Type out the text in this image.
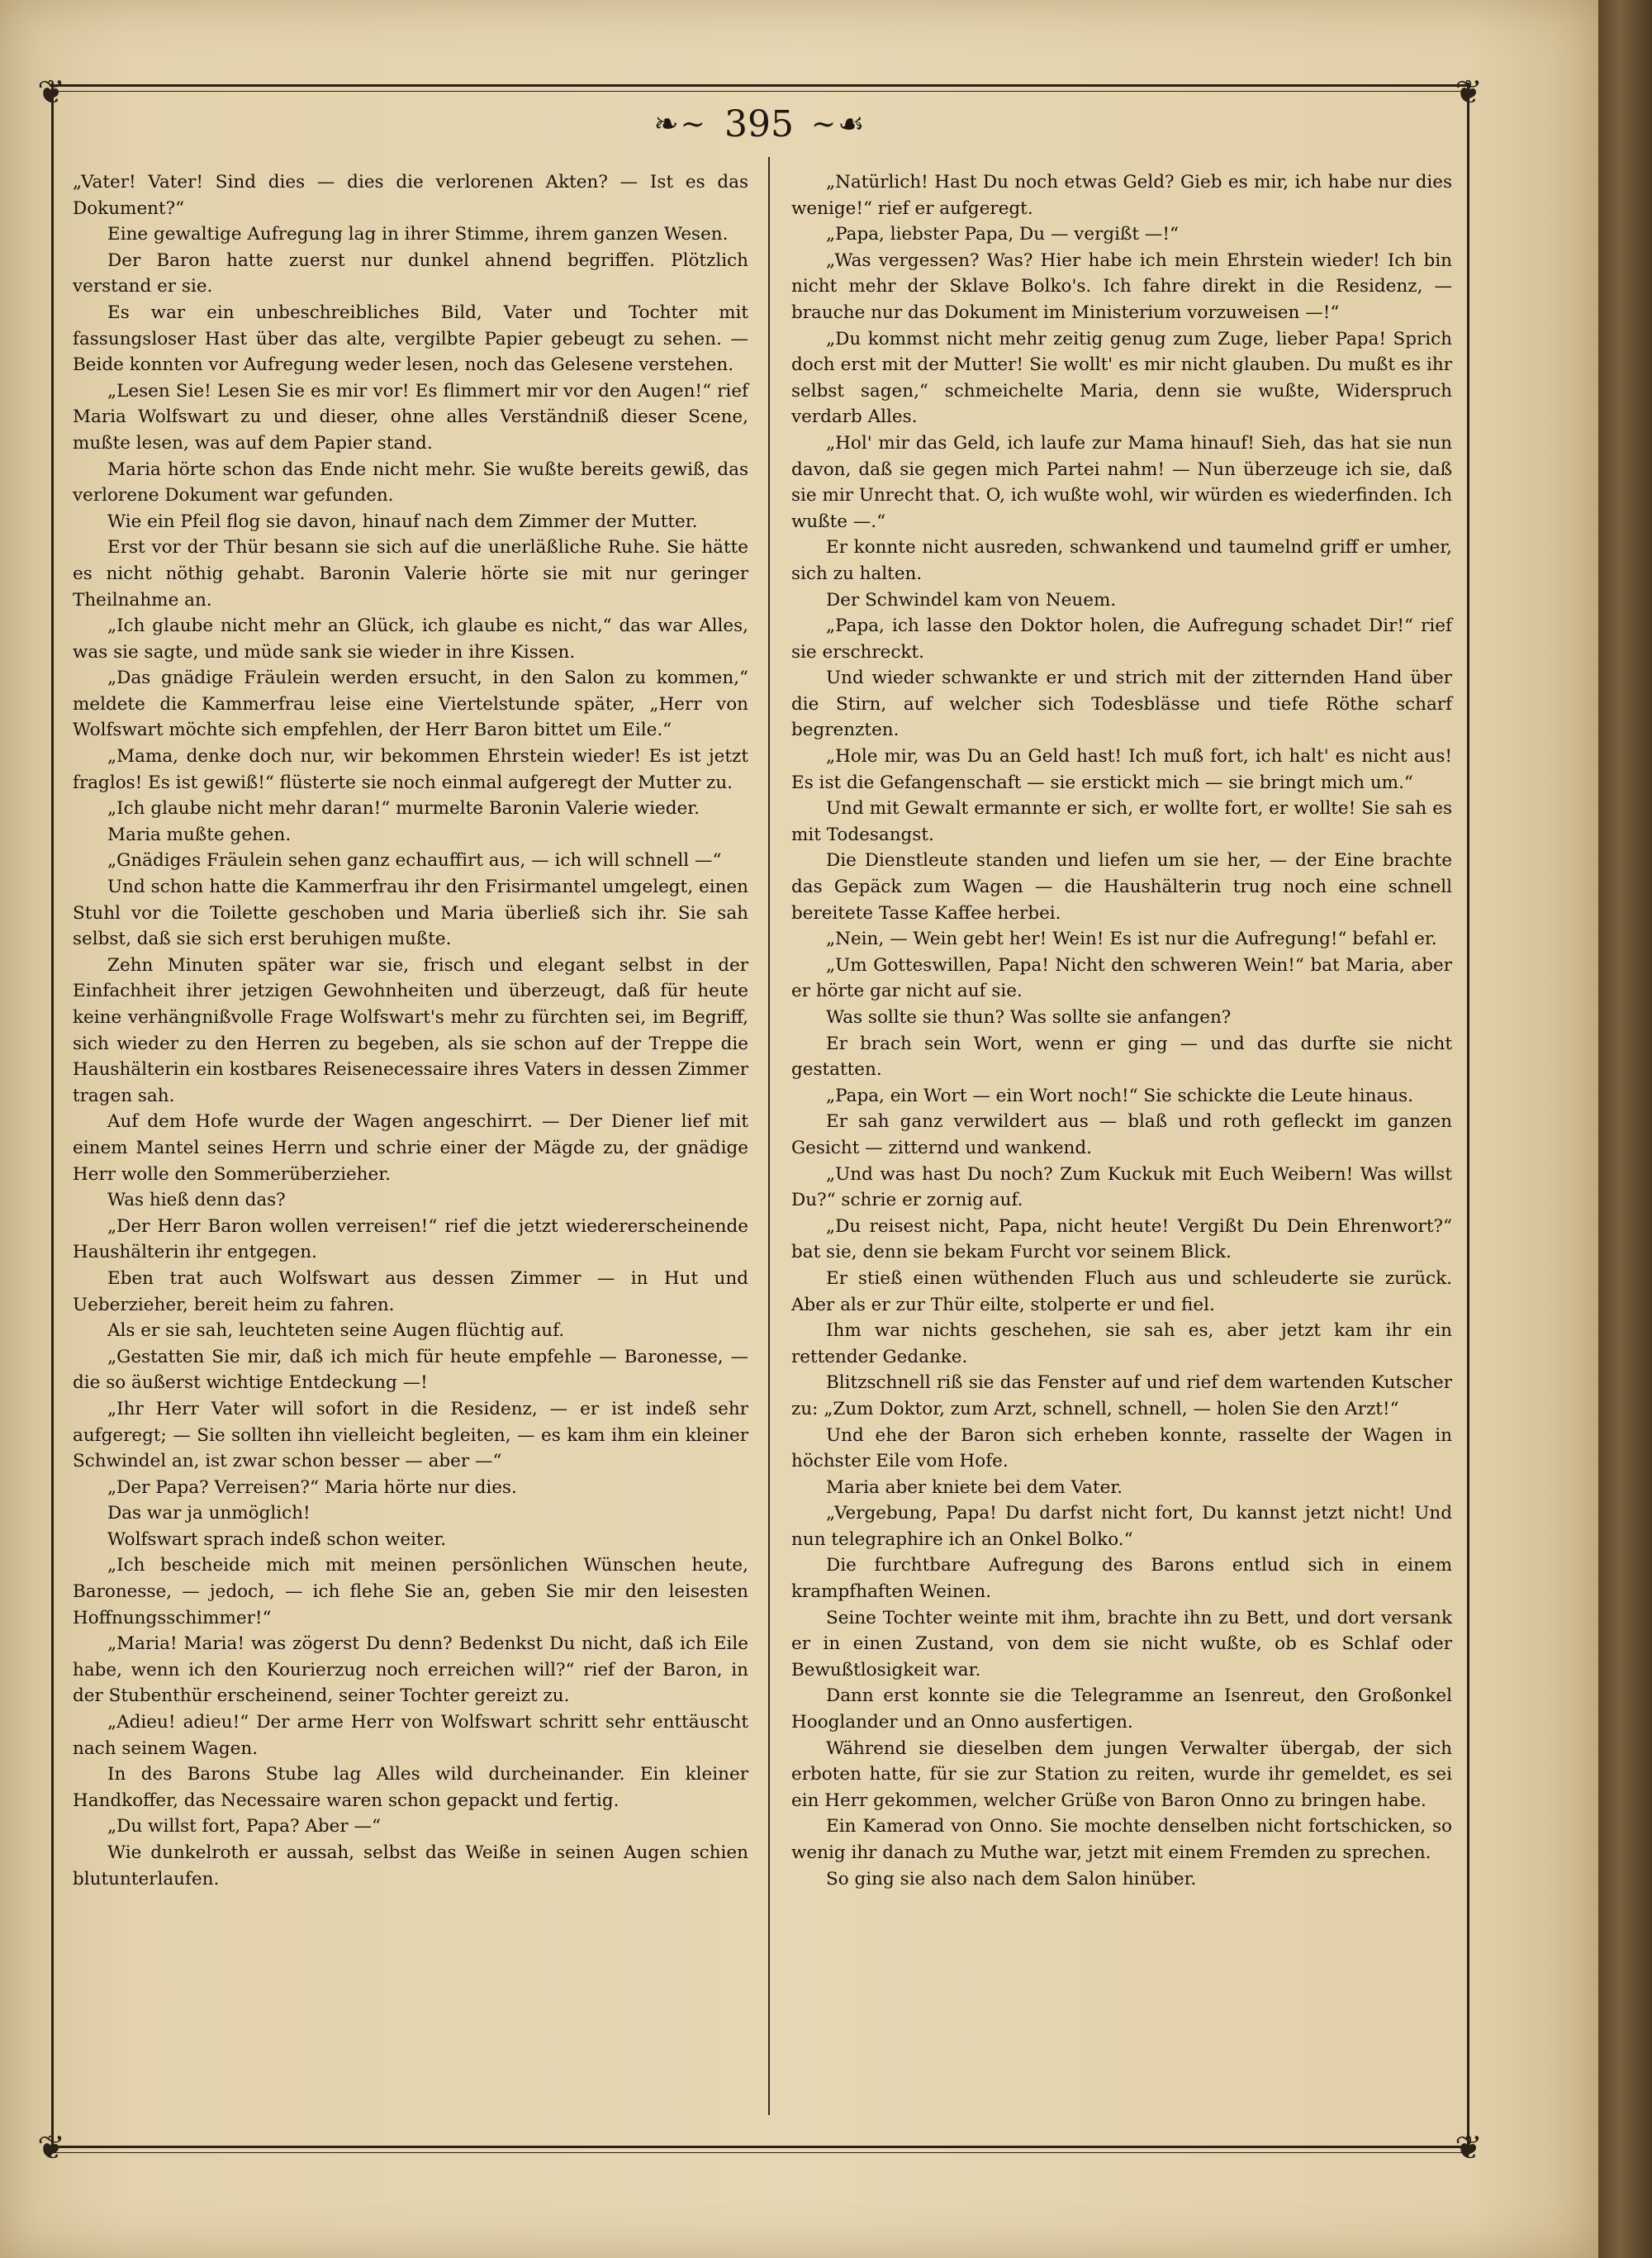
❦	❦
❦	❦
❧∼ 395 ∼☙

„Vater! Vater! Sind dies — dies die verlorenen Akten? — Ist es das Dokument?“

Eine gewaltige Aufregung lag in ihrer Stimme, ihrem ganzen Wesen.

Der Baron hatte zuerst nur dunkel ahnend begriffen. Plötzlich verstand er sie.

Es war ein unbeschreibliches Bild, Vater und Tochter mit fassungsloser Hast über das alte, vergilbte Papier gebeugt zu sehen. — Beide konnten vor Aufregung weder lesen, noch das Gelesene verstehen.

„Lesen Sie! Lesen Sie es mir vor! Es flimmert mir vor den Augen!“ rief Maria Wolfswart zu und dieser, ohne alles Verständniß dieser Scene, mußte lesen, was auf dem Papier stand.

Maria hörte schon das Ende nicht mehr. Sie wußte bereits gewiß, das verlorene Dokument war gefunden.

Wie ein Pfeil flog sie davon, hinauf nach dem Zimmer der Mutter.

Erst vor der Thür besann sie sich auf die unerläßliche Ruhe. Sie hätte es nicht nöthig gehabt. Baronin Valerie hörte sie mit nur geringer Theilnahme an.

„Ich glaube nicht mehr an Glück, ich glaube es nicht,“ das war Alles, was sie sagte, und müde sank sie wieder in ihre Kissen.

„Das gnädige Fräulein werden ersucht, in den Salon zu kommen,“ meldete die Kammerfrau leise eine Viertelstunde später, „Herr von Wolfswart möchte sich empfehlen, der Herr Baron bittet um Eile.“

„Mama, denke doch nur, wir bekommen Ehrstein wieder! Es ist jetzt fraglos! Es ist gewiß!“ flüsterte sie noch einmal aufgeregt der Mutter zu.

„Ich glaube nicht mehr daran!“ murmelte Baronin Valerie wieder.

Maria mußte gehen.

„Gnädiges Fräulein sehen ganz echauffirt aus, — ich will schnell —“

Und schon hatte die Kammerfrau ihr den Frisirmantel umgelegt, einen Stuhl vor die Toilette geschoben und Maria überließ sich ihr. Sie sah selbst, daß sie sich erst beruhigen mußte.

Zehn Minuten später war sie, frisch und elegant selbst in der Einfachheit ihrer jetzigen Gewohnheiten und überzeugt, daß für heute keine verhängnißvolle Frage Wolfswart's mehr zu fürchten sei, im Begriff, sich wieder zu den Herren zu begeben, als sie schon auf der Treppe die Haushälterin ein kostbares Reisenecessaire ihres Vaters in dessen Zimmer tragen sah.

Auf dem Hofe wurde der Wagen angeschirrt. — Der Diener lief mit einem Mantel seines Herrn und schrie einer der Mägde zu, der gnädige Herr wolle den Sommerüberzieher.

Was hieß denn das?

„Der Herr Baron wollen verreisen!“ rief die jetzt wiedererscheinende Haushälterin ihr entgegen.

Eben trat auch Wolfswart aus dessen Zimmer — in Hut und Ueberzieher, bereit heim zu fahren.

Als er sie sah, leuchteten seine Augen flüchtig auf.

„Gestatten Sie mir, daß ich mich für heute empfehle — Baronesse, — die so äußerst wichtige Entdeckung —!

„Ihr Herr Vater will sofort in die Residenz, — er ist indeß sehr aufgeregt; — Sie sollten ihn vielleicht begleiten, — es kam ihm ein kleiner Schwindel an, ist zwar schon besser — aber —“

„Der Papa? Verreisen?“ Maria hörte nur dies.

Das war ja unmöglich!

Wolfswart sprach indeß schon weiter.

„Ich bescheide mich mit meinen persönlichen Wünschen heute, Baronesse, — jedoch, — ich flehe Sie an, geben Sie mir den leisesten Hoffnungsschimmer!“

„Maria! Maria! was zögerst Du denn? Bedenkst Du nicht, daß ich Eile habe, wenn ich den Kourierzug noch erreichen will?“ rief der Baron, in der Stubenthür erscheinend, seiner Tochter gereizt zu.

„Adieu! adieu!“ Der arme Herr von Wolfswart schritt sehr enttäuscht nach seinem Wagen.

In des Barons Stube lag Alles wild durcheinander. Ein kleiner Handkoffer, das Necessaire waren schon gepackt und fertig.

„Du willst fort, Papa? Aber —“

Wie dunkelroth er aussah, selbst das Weiße in seinen Augen schien blutunterlaufen.

„Natürlich! Hast Du noch etwas Geld? Gieb es mir, ich habe nur dies wenige!“ rief er aufgeregt.

„Papa, liebster Papa, Du — vergißt —!“

„Was vergessen? Was? Hier habe ich mein Ehrstein wieder! Ich bin nicht mehr der Sklave Bolko's. Ich fahre direkt in die Residenz, — brauche nur das Dokument im Ministerium vorzuweisen —!“

„Du kommst nicht mehr zeitig genug zum Zuge, lieber Papa! Sprich doch erst mit der Mutter! Sie wollt' es mir nicht glauben. Du mußt es ihr selbst sagen,“ schmeichelte Maria, denn sie wußte, Widerspruch verdarb Alles.

„Hol' mir das Geld, ich laufe zur Mama hinauf! Sieh, das hat sie nun davon, daß sie gegen mich Partei nahm! — Nun überzeuge ich sie, daß sie mir Unrecht that. O, ich wußte wohl, wir würden es wiederfinden. Ich wußte —.“

Er konnte nicht ausreden, schwankend und taumelnd griff er umher, sich zu halten.

Der Schwindel kam von Neuem.

„Papa, ich lasse den Doktor holen, die Aufregung schadet Dir!“ rief sie erschreckt.

Und wieder schwankte er und strich mit der zitternden Hand über die Stirn, auf welcher sich Todesblässe und tiefe Röthe scharf begrenzten.

„Hole mir, was Du an Geld hast! Ich muß fort, ich halt' es nicht aus! Es ist die Gefangenschaft — sie erstickt mich — sie bringt mich um.“

Und mit Gewalt ermannte er sich, er wollte fort, er wollte! Sie sah es mit Todesangst.

Die Dienstleute standen und liefen um sie her, — der Eine brachte das Gepäck zum Wagen — die Haushälterin trug noch eine schnell bereitete Tasse Kaffee herbei.

„Nein, — Wein gebt her! Wein! Es ist nur die Aufregung!“ befahl er.

„Um Gotteswillen, Papa! Nicht den schweren Wein!“ bat Maria, aber er hörte gar nicht auf sie.

Was sollte sie thun? Was sollte sie anfangen?

Er brach sein Wort, wenn er ging — und das durfte sie nicht gestatten.

„Papa, ein Wort — ein Wort noch!“ Sie schickte die Leute hinaus.

Er sah ganz verwildert aus — blaß und roth gefleckt im ganzen Gesicht — zitternd und wankend.

„Und was hast Du noch? Zum Kuckuk mit Euch Weibern! Was willst Du?“ schrie er zornig auf.

„Du reisest nicht, Papa, nicht heute! Vergißt Du Dein Ehrenwort?“ bat sie, denn sie bekam Furcht vor seinem Blick.

Er stieß einen wüthenden Fluch aus und schleuderte sie zurück. Aber als er zur Thür eilte, stolperte er und fiel.

Ihm war nichts geschehen, sie sah es, aber jetzt kam ihr ein rettender Gedanke.

Blitzschnell riß sie das Fenster auf und rief dem wartenden Kutscher zu: „Zum Doktor, zum Arzt, schnell, schnell, — holen Sie den Arzt!“

Und ehe der Baron sich erheben konnte, rasselte der Wagen in höchster Eile vom Hofe.

Maria aber kniete bei dem Vater.

„Vergebung, Papa! Du darfst nicht fort, Du kannst jetzt nicht! Und nun telegraphire ich an Onkel Bolko.“

Die furchtbare Aufregung des Barons entlud sich in einem krampfhaften Weinen.

Seine Tochter weinte mit ihm, brachte ihn zu Bett, und dort versank er in einen Zustand, von dem sie nicht wußte, ob es Schlaf oder Bewußtlosigkeit war.

Dann erst konnte sie die Telegramme an Isenreut, den Großonkel Hooglander und an Onno ausfertigen.

Während sie dieselben dem jungen Verwalter übergab, der sich erboten hatte, für sie zur Station zu reiten, wurde ihr gemeldet, es sei ein Herr gekommen, welcher Grüße von Baron Onno zu bringen habe.

Ein Kamerad von Onno. Sie mochte denselben nicht fortschicken, so wenig ihr danach zu Muthe war, jetzt mit einem Fremden zu sprechen.

So ging sie also nach dem Salon hinüber.
